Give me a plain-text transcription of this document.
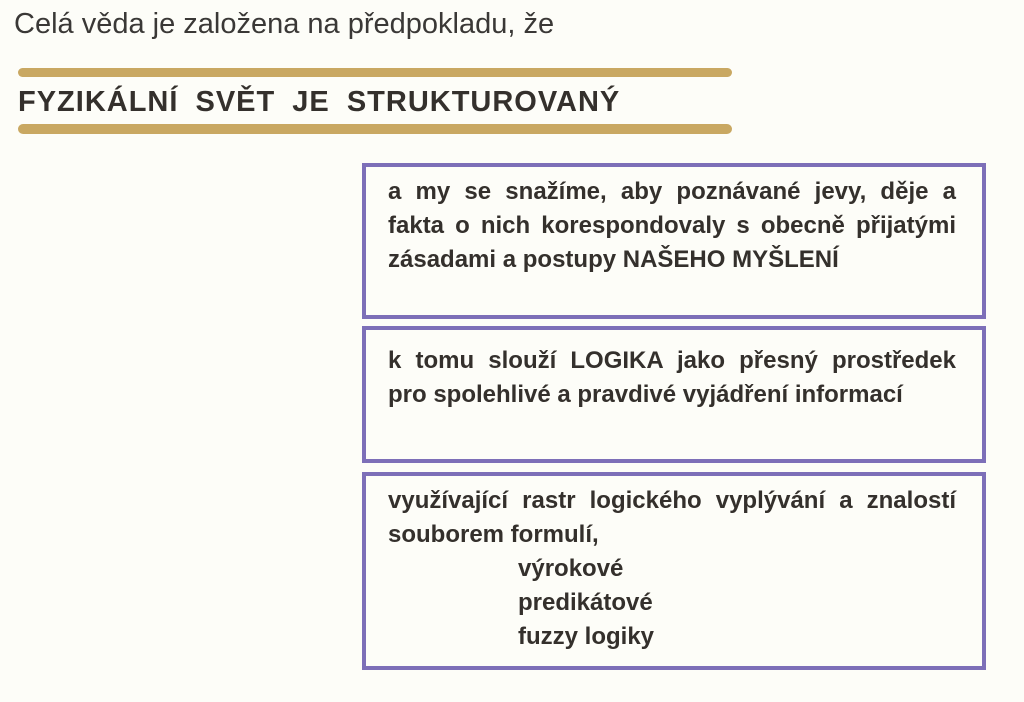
Celá věda je založena na předpokladu, že
FYZIKÁLNÍ SVĚT JE STRUKTUROVANÝ
a my se snažíme, aby poznávané jevy, děje a fakta o nich korespondovaly s obecně přijatými zásadami a postupy NAŠEHO MYŠLENÍ
k tomu slouží LOGIKA jako přesný prostředek pro spolehlivé a pravdivé vyjádření informací
využívající rastr logického vyplývání a znalostí souborem formulí,
výrokové
predikátové
fuzzy logiky
